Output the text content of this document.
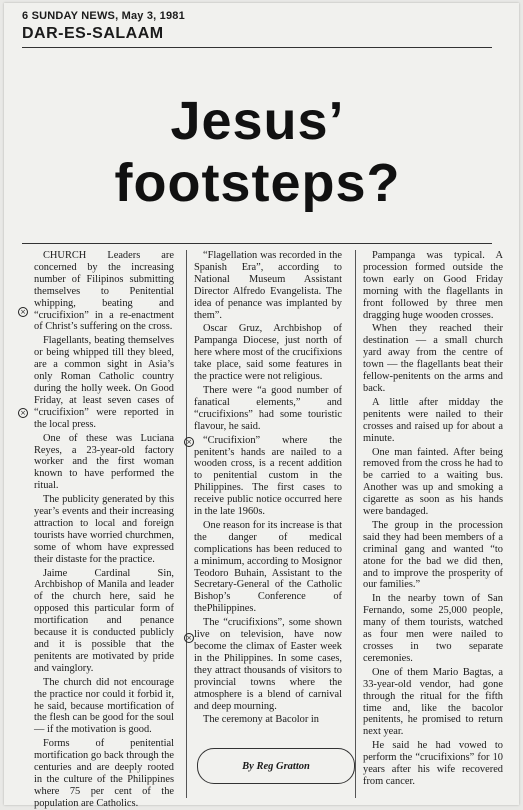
6 SUNDAY NEWS, May 3, 1981
DAR-ES-SALAAM
Jesus’
footsteps?

CHURCH Leaders are concerned by the increasing number of Filipinos submitting themselves to Penitential whipping, beating and “crucifixion” in a re-enactment of Christ’s suffering on the cross.

Flagellants, beating themselves or being whipped till they bleed, are a common sight in Asia’s only Roman Catholic country during the holly week. On Good Friday, at least seven cases of “crucifixion” were reported in the local press.

One of these was Luciana Reyes, a 23-year-old factory worker and the first woman known to have performed the ritual.

The publicity generated by this year’s events and their increasing attraction to local and foreign tourists have worried churchmen, some of whom have expressed their distaste for the practice.

Jaime Cardinal Sin, Archbishop of Manila and leader of the church here, said he opposed this particular form of mortification and penance because it is conducted publicly and it is possible that the penitents are motivated by pride and vainglory.

The church did not encourage the practice nor could it forbid it, he said, because mortification of the flesh can be good for the soul — if the motivation is good.

Forms of penitential mortification go back through the centuries and are deeply rooted in the culture of the Philippines where 75 per cent of the population are Catholics.

“Flagellation was recorded in the Spanish Era”, according to National Museum Assistant Director Alfredo Evangelista. The idea of penance was implanted by them”.

Oscar Gruz, Archbishop of Pampanga Diocese, just north of here where most of the crucifixions take place, said some features in the practice were not religious.

There were “a good number of fanatical elements,” and “crucifixions” had some touristic flavour, he said.

“Crucifixion” where the penitent’s hands are nailed to a wooden cross, is a recent addition to penitential custom in the Philippines. The first cases to receive public notice occurred here in the late 1960s.

One reason for its increase is that the danger of medical complications has been reduced to a minimum, according to Mosignor Teodoro Buhain, Assistant to the Secretary-General of the Catholic Bishop’s Conference of thePhilippines.

The “crucifixions”, some shown live on television, have now become the climax of Easter week in the Philippines. In some cases, they attract thousands of visitors to provincial towns where the atmosphere is a blend of carnival and deep mourning.

The ceremony at Bacolor in

Pampanga was typical. A procession formed outside the town early on Good Friday morning with the flagellants in front followed by three men dragging huge wooden crosses.

When they reached their destination — a small church yard away from the centre of town — the flagellants beat their fellow-penitents on the arms and back.

A little after midday the penitents were nailed to their crosses and raised up for about a minute.

One man fainted. After being removed from the cross he had to be carried to a waiting bus. Another was up and smoking a cigarette as soon as his hands were bandaged.

The group in the procession said they had been members of a criminal gang and wanted “to atone for the bad we did then, and to improve the prosperity of our families.”

In the nearby town of San Fernando, some 25,000 people, many of them tourists, watched as four men were nailed to crosses in two separate ceremonies.

One of them Mario Bagtas, a 33-year-old vendor, had gone through the ritual for the fifth time and, like the bacolor penitents, he promised to return next year.

He said he had vowed to perform the “crucifixions” for 10 years after his wife recovered from cancer.

×
×
×
×
By Reg Gratton
